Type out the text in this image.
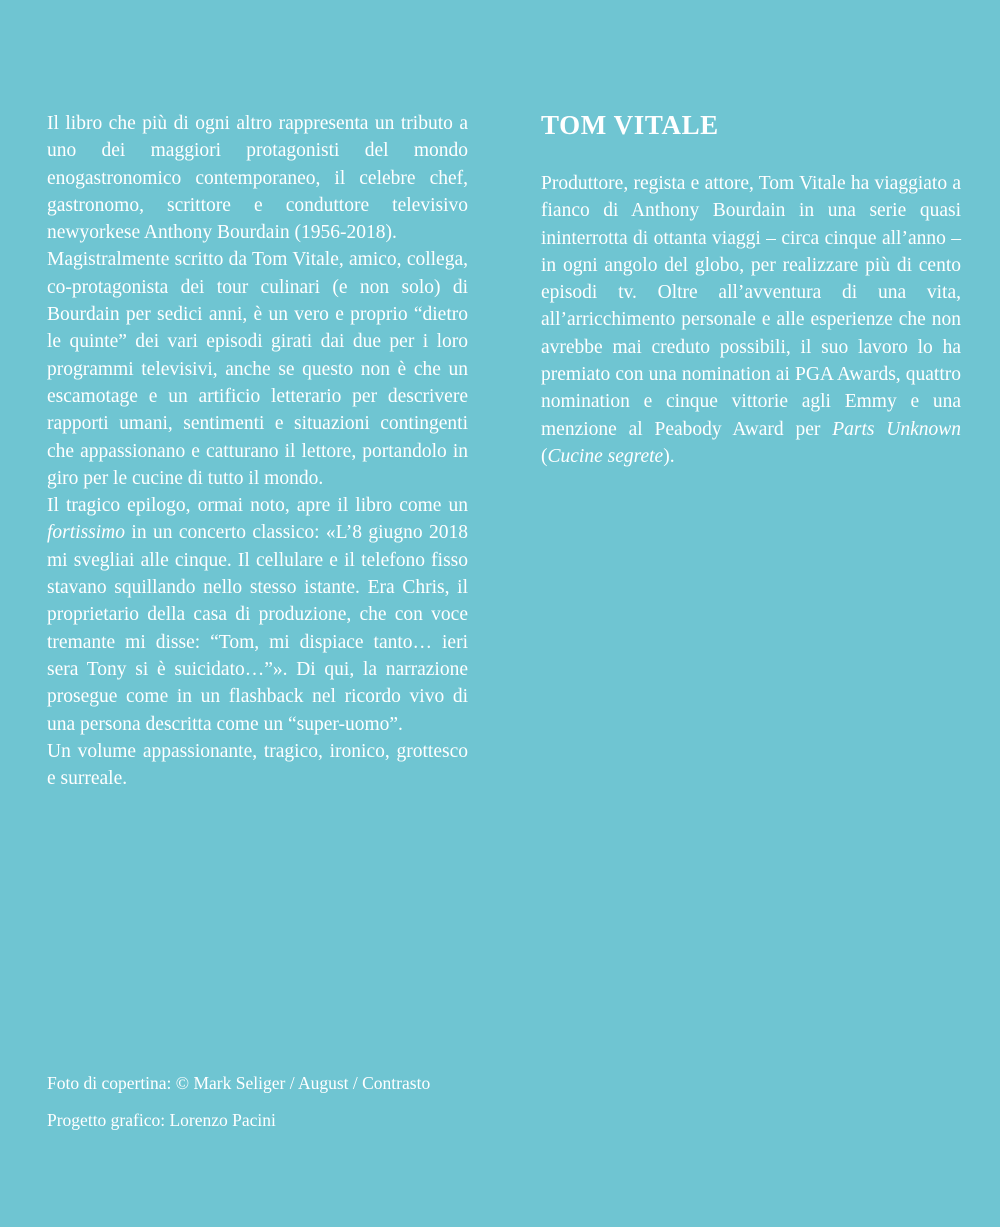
Il libro che più di ogni altro rappresenta un tributo a uno dei maggiori protagonisti del mondo enogastronomico contemporaneo, il celebre chef, gastronomo, scrittore e conduttore televisivo newyorkese Anthony Bourdain (1956-2018).

Magistralmente scritto da Tom Vitale, amico, collega, co-protagonista dei tour culinari (e non solo) di Bourdain per sedici anni, è un vero e proprio “dietro le quinte” dei vari episodi girati dai due per i loro programmi televisivi, anche se questo non è che un escamotage e un artificio letterario per descrivere rapporti umani, sentimenti e situazioni contingenti che appassionano e catturano il lettore, portandolo in giro per le cucine di tutto il mondo.

Il tragico epilogo, ormai noto, apre il libro come un fortissimo in un concerto classico: «L’8 giugno 2018 mi svegliai alle cinque. Il cellulare e il telefono fisso stavano squillando nello stesso istante. Era Chris, il proprietario della casa di produzione, che con voce tremante mi disse: “Tom, mi dispiace tanto… ieri sera Tony si è suicidato…”». Di qui, la narrazione prosegue come in un flashback nel ricordo vivo di una persona descritta come un “super-uomo”.

Un volume appassionante, tragico, ironico, grottesco e surreale.

TOM VITALE

Produttore, regista e attore, Tom Vitale ha viaggiato a fianco di Anthony Bourdain in una serie quasi ininterrotta di ottanta viaggi – circa cinque all’anno – in ogni angolo del globo, per realizzare più di cento episodi tv. Oltre all’avventura di una vita, all’arricchimento personale e alle esperienze che non avrebbe mai creduto possibili, il suo lavoro lo ha premiato con una nomination ai PGA Awards, quattro nomination e cinque vittorie agli Emmy e una menzione al Peabody Award per Parts Unknown (Cucine segrete).

Foto di copertina: © Mark Seliger / August / Contrasto

Progetto grafico: Lorenzo Pacini
